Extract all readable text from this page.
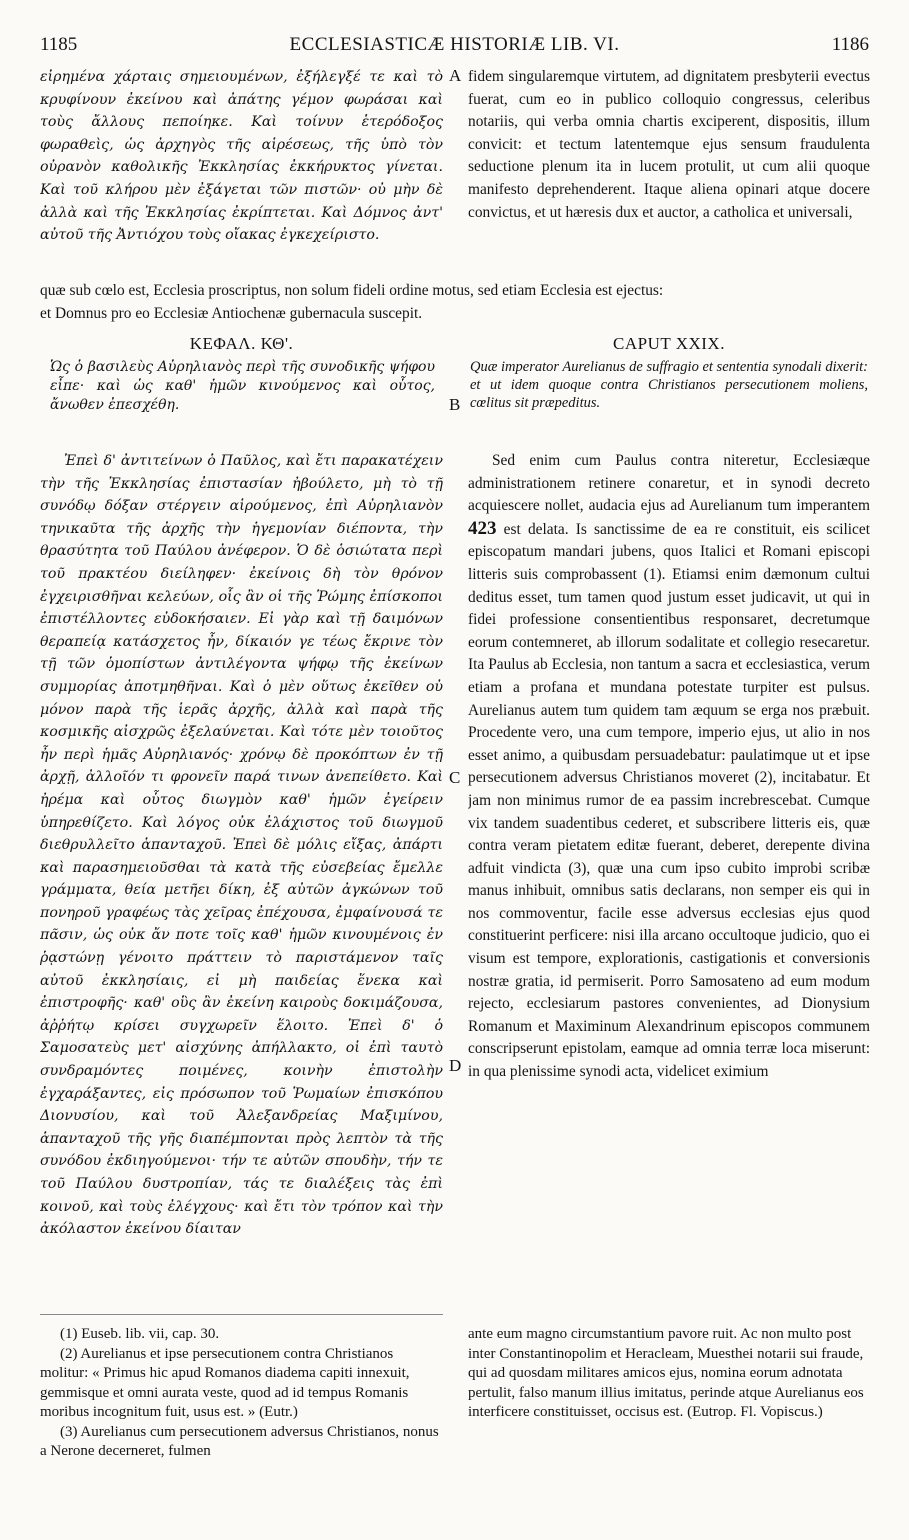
1185	ECCLESIASTICÆ HISTORIÆ LIB. VI.	1186

εἰρημένα χάρταις σημειουμένων, ἐξήλεγξέ τε καὶ τὸ κρυφίνουν ἐκείνου καὶ ἀπάτης γέμον φωράσαι καὶ τοὺς ἄλλους πεποίηκε. Καὶ τοίνυν ἑτερόδοξος φωραθεὶς, ὡς ἀρχηγὸς τῆς αἱρέσεως, τῆς ὑπὸ τὸν οὐρανὸν καθολικῆς Ἐκκλησίας ἐκκήρυκτος γίνεται. Καὶ τοῦ κλήρου μὲν ἐξάγεται τῶν πιστῶν· οὐ μὴν δὲ ἀλλὰ καὶ τῆς Ἐκκλησίας ἐκρίπτεται. Καὶ Δόμνος ἀντ' αὐτοῦ τῆς Ἀντιόχου τοὺς οἴακας ἐγκεχείριστο.

A fidem singularemque virtutem, ad dignitatem presbyterii evectus fuerat, cum eo in publico colloquio congressus, celeribus notariis, qui verba omnia chartis exciperent, dispositis, illum convicit: et tectum latentemque ejus sensum fraudulenta seductione plenum ita in lucem protulit, ut cum alii quoque manifesto deprehenderent. Itaque aliena opinari atque docere convictus, et ut hæresis dux et auctor, a catholica et universali,

quæ sub cœlo est, Ecclesia proscriptus, non solum fideli ordine motus, sed etiam Ecclesia est ejectus:
et Domnus pro eo Ecclesiæ Antiochenæ gubernacula suscepit.
ΚΕΦΑΛ. ΚΘ'.	CAPUT XXIX.
Ὡς ὁ βασιλεὺς Αὐρηλιανὸς περὶ τῆς συνοδικῆς ψήφου εἶπε· καὶ ὡς καθ' ἡμῶν κινούμενος καὶ οὗτος, ἄνωθεν ἐπεσχέθη.	B
Quæ imperator Aurelianus de suffragio et sententia synodali dixerit: et ut idem quoque contra Christianos persecutionem moliens, cœlitus sit præpeditus.

Ἐπεὶ δ' ἀντιτείνων ὁ Παῦλος, καὶ ἔτι παρακατέχειν τὴν τῆς Ἐκκλησίας ἐπιστασίαν ἠβούλετο, μὴ τὸ τῇ συνόδῳ δόξαν στέργειν αἱρούμενος, ἐπὶ Αὐρηλιανὸν τηνικαῦτα τῆς ἀρχῆς τὴν ἡγεμονίαν διέποντα, τὴν θρασύτητα τοῦ Παύλου ἀνέφερον. Ὁ δὲ ὁσιώτατα περὶ τοῦ πρακτέου διείληφεν· ἐκείνοις δὴ τὸν θρόνον ἐγχειρισθῆναι κελεύων, οἷς ἂν οἱ τῆς Ῥώμης ἐπίσκοποι ἐπιστέλλοντες εὐδοκήσαιεν. Εἰ γὰρ καὶ τῇ δαιμόνων θεραπείᾳ κατάσχετος ἦν, δίκαιόν γε τέως ἔκρινε τὸν τῇ τῶν ὁμοπίστων ἀντιλέγοντα ψήφῳ τῆς ἐκείνων συμμορίας ἀποτμηθῆναι. Καὶ ὁ μὲν οὕτως ἐκεῖθεν οὐ μόνον παρὰ τῆς ἱερᾶς ἀρχῆς, ἀλλὰ καὶ παρὰ τῆς κοσμικῆς αἰσχρῶς ἐξελαύνεται. Καὶ τότε μὲν τοιοῦτος ἦν περὶ ἡμᾶς Αὐρηλιανός· χρόνῳ δὲ προκόπτων ἐν τῇ ἀρχῇ, ἀλλοῖόν τι φρονεῖν παρά τινων ἀνεπείθετο. Καὶ ἠρέμα καὶ οὗτος διωγμὸν καθ' ἡμῶν ἐγείρειν ὑπηρεθίζετο. Καὶ λόγος οὐκ ἐλάχιστος τοῦ διωγμοῦ διεθρυλλεῖτο ἁπανταχοῦ. Ἐπεὶ δὲ μόλις εἴξας, ἀπάρτι καὶ παρασημειοῦσθαι τὰ κατὰ τῆς εὐσεβείας ἔμελλε γράμματα, θεία μετῆει δίκη, ἐξ αὐτῶν ἀγκώνων τοῦ πονηροῦ γραφέως τὰς χεῖρας ἐπέχουσα, ἐμφαίνουσά τε πᾶσιν, ὡς οὐκ ἄν ποτε τοῖς καθ' ἡμῶν κινουμένοις ἐν ῥᾳστώνῃ γένοιτο πράττειν τὸ παριστάμενον ταῖς αὐτοῦ ἐκκλησίαις, εἰ μὴ παιδείας ἕνεκα καὶ ἐπιστροφῆς· καθ' οὓς ἂν ἐκείνη καιροὺς δοκιμάζουσα, ἀῤῥήτῳ κρίσει συγχωρεῖν ἕλοιτο. Ἐπεὶ δ' ὁ Σαμοσατεὺς μετ' αἰσχύνης ἀπήλλακτο, οἱ ἐπὶ ταυτὸ συνδραμόντες ποιμένες, κοινὴν ἐπιστολὴν ἐγχαράξαντες, εἰς πρόσωπον τοῦ Ῥωμαίων ἐπισκόπου Διονυσίου, καὶ τοῦ Ἀλεξανδρείας Μαξιμίνου, ἁπανταχοῦ τῆς γῆς διαπέμπονται πρὸς λεπτὸν τὰ τῆς συνόδου ἐκδιηγούμενοι· τήν τε αὐτῶν σπουδὴν, τήν τε τοῦ Παύλου δυστροπίαν, τάς τε διαλέξεις τὰς ἐπὶ κοινοῦ, καὶ τοὺς ἐλέγχους· καὶ ἔτι τὸν τρόπον καὶ τὴν ἀκόλαστον ἐκείνου δίαιταν

C
D

Sed enim cum Paulus contra niteretur, Ecclesiæque administrationem retinere conaretur, et in synodi decreto acquiescere nollet, audacia ejus ad Aurelianum tum imperantem 423 est delata. Is sanctissime de ea re constituit, eis scilicet episcopatum mandari jubens, quos Italici et Romani episcopi litteris suis comprobassent (1). Etiamsi enim dæmonum cultui deditus esset, tum tamen quod justum esset judicavit, ut qui in fidei professione consentientibus responsaret, decretumque eorum contemneret, ab illorum sodalitate et collegio resecaretur. Ita Paulus ab Ecclesia, non tantum a sacra et ecclesiastica, verum etiam a profana et mundana potestate turpiter est pulsus. Aurelianus autem tum quidem tam æquum se erga nos præbuit. Procedente vero, una cum tempore, imperio ejus, ut alio in nos esset animo, a quibusdam persuadebatur: paulatimque ut et ipse persecutionem adversus Christianos moveret (2), incitabatur. Et jam non minimus rumor de ea passim increbrescebat. Cumque vix tandem suadentibus cederet, et subscribere litteris eis, quæ contra veram pietatem editæ fuerant, deberet, derepente divina adfuit vindicta (3), quæ una cum ipso cubito improbi scribæ manus inhibuit, omnibus satis declarans, non semper eis qui in nos commoventur, facile esse adversus ecclesias ejus quod constituerint perficere: nisi illa arcano occultoque judicio, quo ei visum est tempore, explorationis, castigationis et conversionis nostræ gratia, id permiserit. Porro Samosateno ad eum modum rejecto, ecclesiarum pastores convenientes, ad Dionysium Romanum et Maximinum Alexandrinum episcopos communem conscripserunt epistolam, eamque ad omnia terræ loca miserunt: in qua plenissime synodi acta, videlicet eximium

(1) Euseb. lib. vii, cap. 30.

(2) Aurelianus et ipse persecutionem contra Christianos molitur: « Primus hic apud Romanos diadema capiti innexuit, gemmisque et omni aurata veste, quod ad id tempus Romanis moribus incognitum fuit, usus est. » (Eutr.)

(3) Aurelianus cum persecutionem adversus Christianos, nonus a Nerone decerneret, fulmen

ante eum magno circumstantium pavore ruit. Ac non multo post inter Constantinopolim et Heracleam, Muesthei notarii sui fraude, qui ad quosdam militares amicos ejus, nomina eorum adnotata pertulit, falso manum illius imitatus, perinde atque Aurelianus eos interficere constituisset, occisus est. (Eutrop. Fl. Vopiscus.)
